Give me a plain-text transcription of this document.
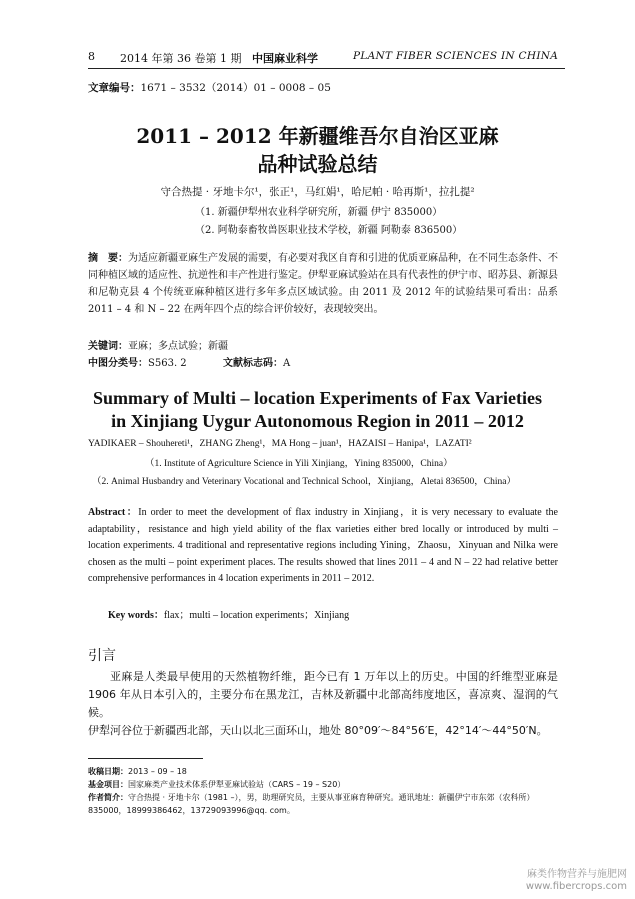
8 2014 年第 36 卷第 1 期 中国麻业科学	PLANT FIBER SCIENCES IN CHINA
文章编号：1671 – 3532（2014）01 – 0008 – 05
2011 – 2012 年新疆维吾尔自治区亚麻
品种试验总结
守合热提 · 牙地卡尔¹，张正¹，马红娟¹，哈尼帕 · 哈再斯¹，拉扎提²
（1. 新疆伊犁州农业科学研究所，新疆 伊宁 835000）
（2. 阿勒泰畜牧兽医职业技术学校，新疆 阿勒泰 836500）
摘　要：为适应新疆亚麻生产发展的需要，有必要对我区自育和引进的优质亚麻品种，在不同生态条件、不同种植区域的适应性、抗逆性和丰产性进行鉴定。伊犁亚麻试验站在具有代表性的伊宁市、昭苏县、新源县和尼勒克县 4 个传统亚麻种植区进行多年多点区域试验。由 2011 及 2012 年的试验结果可看出：品系 2011 – 4 和 N – 22 在两年四个点的综合评价较好，表现较突出。
关键词：亚麻；多点试验；新疆
中图分类号：S563. 2	文献标志码：A
Summary of Multi – location Experiments of Fax Varieties
in Xinjiang Uygur Autonomous Region in 2011 – 2012
YADIKAER – Shouhereti¹，ZHANG Zheng¹，MA Hong – juan¹，HAZAISI – Hanipa¹，LAZATI²
（1. Institute of Agriculture Science in Yili Xinjiang，Yining 835000，China）
（2. Animal Husbandry and Veterinary Vocational and Technical School，Xinjiang，Aletai 836500，China）
Abstract：In order to meet the development of flax industry in Xinjiang，it is very necessary to evaluate the adaptability，resistance and high yield ability of the flax varieties either bred locally or introduced by multi – location experiments. 4 traditional and representative regions including Yining，Zhaosu，Xinyuan and Nilka were chosen as the multi – point experiment places. The results showed that lines 2011 – 4 and N – 22 had relative better comprehensive performances in 4 location experiments in 2011 – 2012.
Key words：flax；multi – location experiments；Xinjiang
引言
亚麻是人类最早使用的天然植物纤维，距今已有 1 万年以上的历史。中国的纤维型亚麻是 1906 年从日本引入的，主要分布在黑龙江，吉林及新疆中北部高纬度地区，喜凉爽、湿润的气候。
伊犁河谷位于新疆西北部，天山以北三面环山，地处 80°09′～84°56′E，42°14′～44°50′N。
收稿日期：2013 – 09 – 18
基金项目：国家麻类产业技术体系伊犁亚麻试验站（CARS – 19 – S20）
作者简介：守合热提 · 牙地卡尔（1981 –），男，助理研究员，主要从事亚麻育种研究。通讯地址：新疆伊宁市东郊（农科所）835000，18999386462，13729093996@qq. com。
麻类作物营养与施肥网
www.fibercrops.com
